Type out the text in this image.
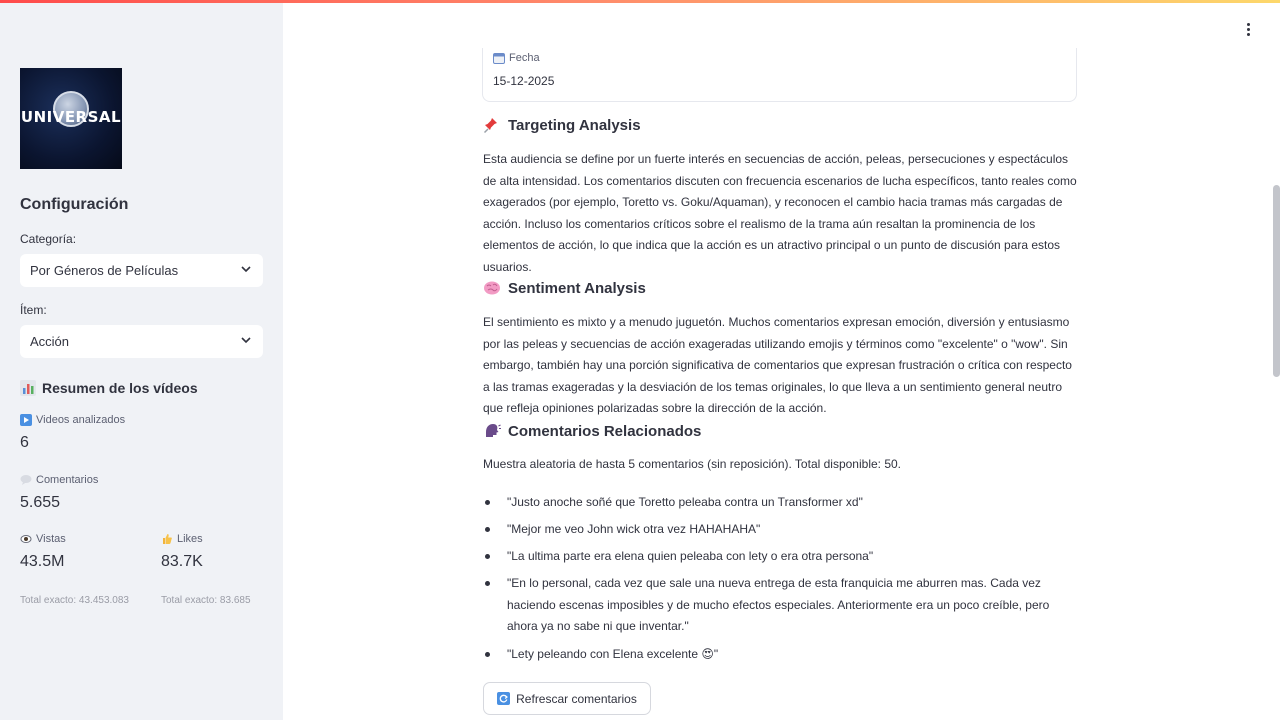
UNIVERSAL
Configuración
Categoría:
Por Géneros de Películas
Ítem:
Acción
Resumen de los vídeos
Videos analizados
6
Comentarios
5.655
Vistas
43.5M
Total exacto: 43.453.083
Likes
83.7K
Total exacto: 83.685
Fecha
15-12-2025
Targeting Analysis
Esta audiencia se define por un fuerte interés en secuencias de acción, peleas, persecuciones y espectáculos de alta intensidad. Los comentarios discuten con frecuencia escenarios de lucha específicos, tanto reales como exagerados (por ejemplo, Toretto vs. Goku/Aquaman), y reconocen el cambio hacia tramas más cargadas de acción. Incluso los comentarios críticos sobre el realismo de la trama aún resaltan la prominencia de los elementos de acción, lo que indica que la acción es un atractivo principal o un punto de discusión para estos usuarios.
Sentiment Analysis
El sentimiento es mixto y a menudo juguetón. Muchos comentarios expresan emoción, diversión y entusiasmo por las peleas y secuencias de acción exageradas utilizando emojis y términos como "excelente" o "wow". Sin embargo, también hay una porción significativa de comentarios que expresan frustración o crítica con respecto a las tramas exageradas y la desviación de los temas originales, lo que lleva a un sentimiento general neutro que refleja opiniones polarizadas sobre la dirección de la acción.
Comentarios Relacionados
Muestra aleatoria de hasta 5 comentarios (sin reposición). Total disponible: 50.
"Justo anoche soñé que Toretto peleaba contra un Transformer xd"
"Mejor me veo John wick otra vez HAHAHAHA"
"La ultima parte era elena quien peleaba con lety o era otra persona"
"En lo personal, cada vez que sale una nueva entrega de esta franquicia me aburren mas. Cada vez haciendo escenas imposibles y de mucho efectos especiales. Anteriormente era un poco creíble, pero ahora ya no sabe ni que inventar."
"Lety peleando con Elena excelente 😍"
Refrescar comentarios
